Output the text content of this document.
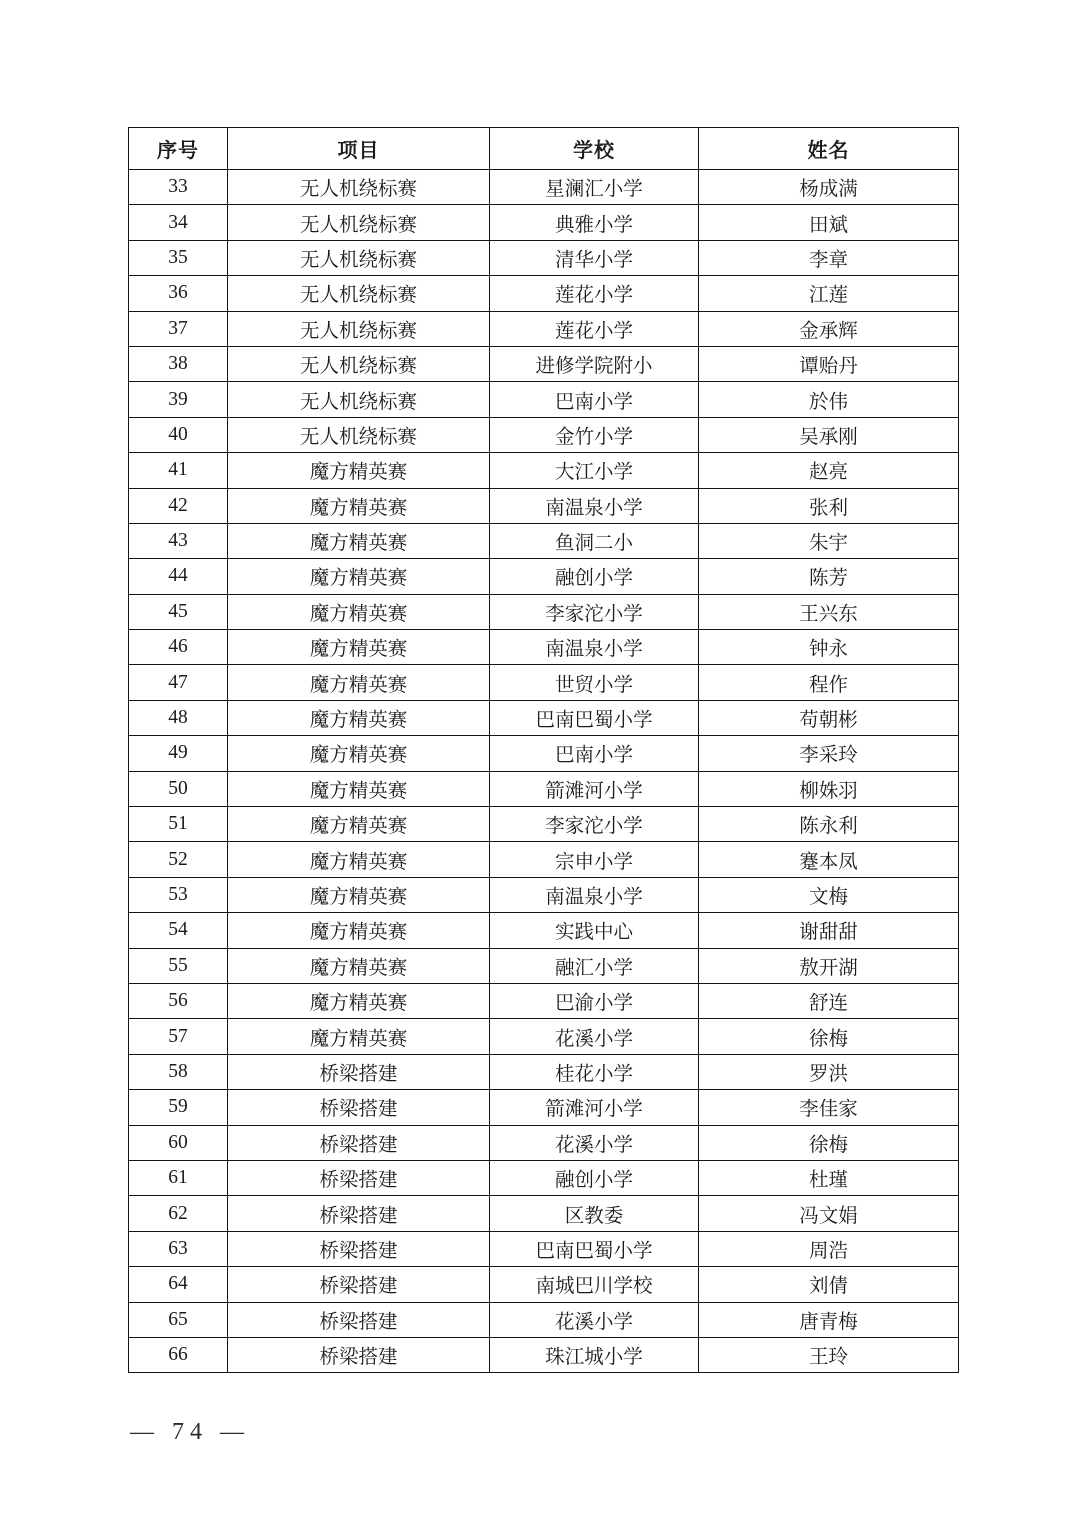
序号	项目	学校	姓名
33	无人机绕标赛	星澜汇小学	杨成满
34	无人机绕标赛	典雅小学	田斌
35	无人机绕标赛	清华小学	李章
36	无人机绕标赛	莲花小学	江莲
37	无人机绕标赛	莲花小学	金承辉
38	无人机绕标赛	进修学院附小	谭贻丹
39	无人机绕标赛	巴南小学	於伟
40	无人机绕标赛	金竹小学	吴承刚
41	魔方精英赛	大江小学	赵亮
42	魔方精英赛	南温泉小学	张利
43	魔方精英赛	鱼洞二小	朱宇
44	魔方精英赛	融创小学	陈芳
45	魔方精英赛	李家沱小学	王兴东
46	魔方精英赛	南温泉小学	钟永
47	魔方精英赛	世贸小学	程作
48	魔方精英赛	巴南巴蜀小学	苟朝彬
49	魔方精英赛	巴南小学	李采玲
50	魔方精英赛	箭滩河小学	柳姝羽
51	魔方精英赛	李家沱小学	陈永利
52	魔方精英赛	宗申小学	蹇本凤
53	魔方精英赛	南温泉小学	文梅
54	魔方精英赛	实践中心	谢甜甜
55	魔方精英赛	融汇小学	敖开湖
56	魔方精英赛	巴渝小学	舒连
57	魔方精英赛	花溪小学	徐梅
58	桥梁搭建	桂花小学	罗洪
59	桥梁搭建	箭滩河小学	李佳家
60	桥梁搭建	花溪小学	徐梅
61	桥梁搭建	融创小学	杜瑾
62	桥梁搭建	区教委	冯文娟
63	桥梁搭建	巴南巴蜀小学	周浩
64	桥梁搭建	南城巴川学校	刘倩
65	桥梁搭建	花溪小学	唐青梅
66	桥梁搭建	珠江城小学	王玲
— 74 —
